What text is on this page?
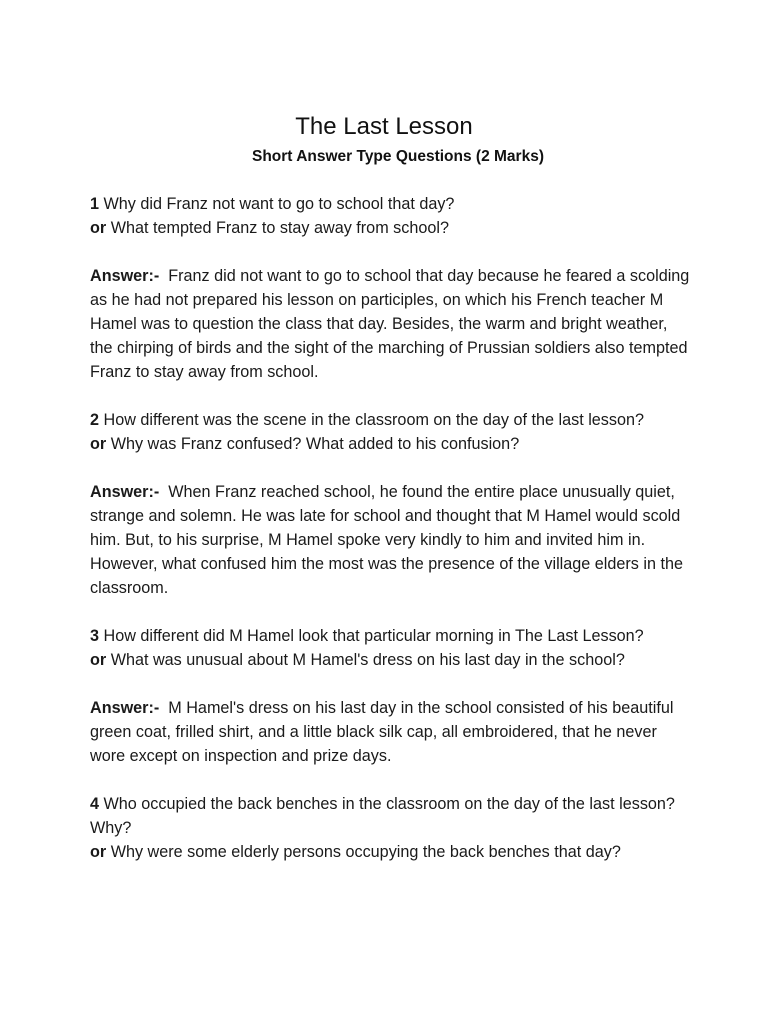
The Last Lesson
Short Answer Type Questions (2 Marks)

1 Why did Franz not want to go to school that day?

or What tempted Franz to stay away from school?

Answer:- Franz did not want to go to school that day because he feared a scolding as he had not prepared his lesson on participles, on which his French teacher M Hamel was to question the class that day. Besides, the warm and bright weather, the chirping of birds and the sight of the marching of Prussian soldiers also tempted Franz to stay away from school.

2 How different was the scene in the classroom on the day of the last lesson?

or Why was Franz confused? What added to his confusion?

Answer:- When Franz reached school, he found the entire place unusually quiet, strange and solemn. He was late for school and thought that M Hamel would scold him. But, to his surprise, M Hamel spoke very kindly to him and invited him in. However, what confused him the most was the presence of the village elders in the classroom.

3 How different did M Hamel look that particular morning in The Last Lesson?

or What was unusual about M Hamel's dress on his last day in the school?

Answer:- M Hamel's dress on his last day in the school consisted of his beautiful green coat, frilled shirt, and a little black silk cap, all embroidered, that he never wore except on inspection and prize days.

4 Who occupied the back benches in the classroom on the day of the last lesson? Why?

or Why were some elderly persons occupying the back benches that day?
